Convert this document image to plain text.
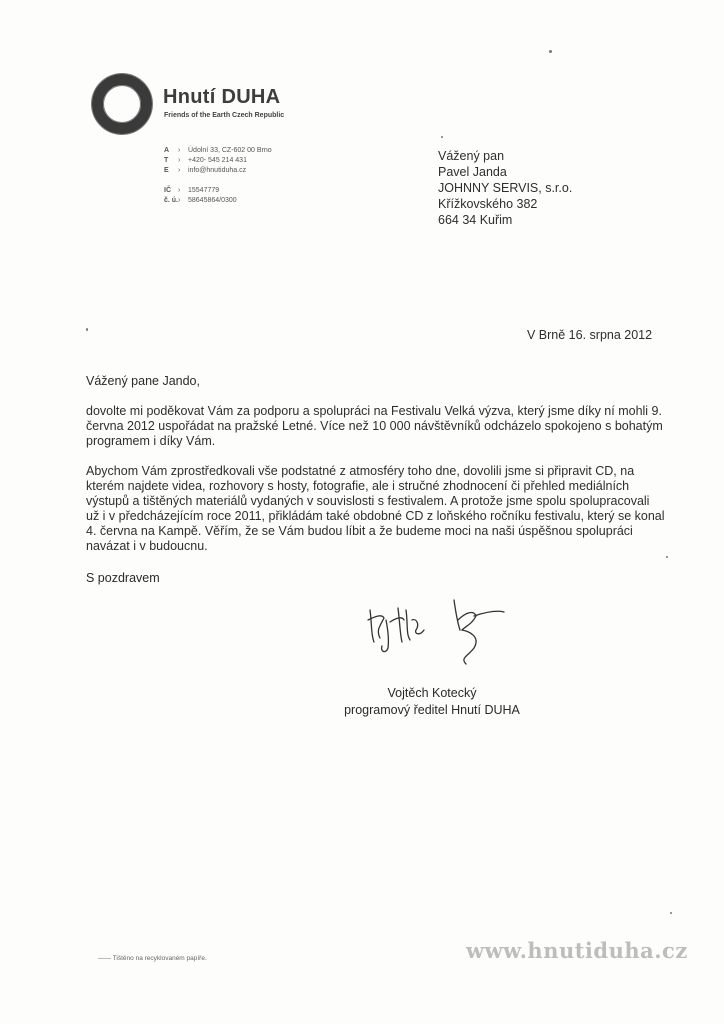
Hnutí DUHA
Friends of the Earth Czech Republic
A › Údolní 33, CZ-602 00 Brno
T › +420- 545 214 431
E › info@hnutiduha.cz
IČ › 15547779
č. ú.› 58645864/0300
Vážený pan
Pavel Janda
JOHNNY SERVIS, s.r.o.
Křížkovského 382
664 34 Kuřim
V Brně 16. srpna 2012
Vážený pane Jando,
dovolte mi poděkovat Vám za podporu a spolupráci na Festivalu Velká výzva, který jsme díky ní mohli 9. června 2012 uspořádat na pražské Letné. Více než 10 000 návštěvníků odcházelo spokojeno s bohatým programem i díky Vám.
Abychom Vám zprostředkovali vše podstatné z atmosféry toho dne, dovolili jsme si připravit CD, na kterém najdete videa, rozhovory s hosty, fotografie, ale i stručné zhodnocení či přehled mediálních výstupů a tištěných materiálů vydaných v souvislosti s festivalem. A protože jsme spolu spolupracovali už i v předcházejícím roce 2011, přikládám také obdobné CD z loňského ročníku festivalu, který se konal 4. června na Kampě. Věřím, že se Vám budou líbit a že budeme moci na naši úspěšnou spolupráci navázat i v budoucnu.
S pozdravem
Vojtěch Kotecký
programový ředitel Hnutí DUHA
—— Tištěno na recyklovaném papíře.	www.hnutiduha.cz
